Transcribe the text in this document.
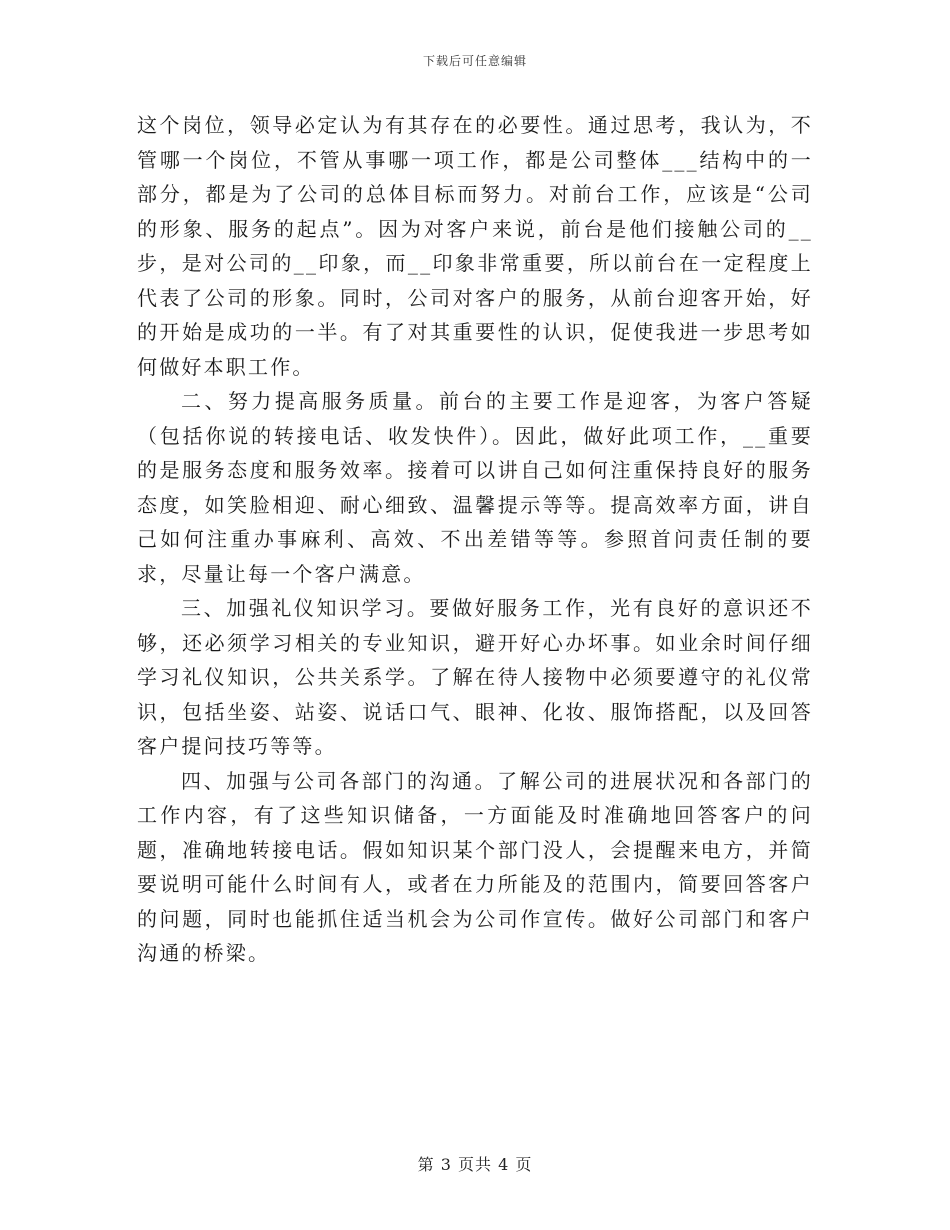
下载后可任意编辑

这个岗位，领导必定认为有其存在的必要性。通过思考，我认为，不管哪一个岗位，不管从事哪一项工作，都是公司整体___结构中的一部分，都是为了公司的总体目标而努力。对前台工作，应该是“公司的形象、服务的起点”。因为对客户来说，前台是他们接触公司的__步，是对公司的__印象，而__印象非常重要，所以前台在一定程度上代表了公司的形象。同时，公司对客户的服务，从前台迎客开始，好的开始是成功的一半。有了对其重要性的认识，促使我进一步思考如何做好本职工作。

二、努力提高服务质量。前台的主要工作是迎客，为客户答疑（包括你说的转接电话、收发快件）。因此，做好此项工作，__重要的是服务态度和服务效率。接着可以讲自己如何注重保持良好的服务态度，如笑脸相迎、耐心细致、温馨提示等等。提高效率方面，讲自己如何注重办事麻利、高效、不出差错等等。参照首问责任制的要求，尽量让每一个客户满意。

三、加强礼仪知识学习。要做好服务工作，光有良好的意识还不够，还必须学习相关的专业知识，避开好心办坏事。如业余时间仔细学习礼仪知识，公共关系学。了解在待人接物中必须要遵守的礼仪常识，包括坐姿、站姿、说话口气、眼神、化妆、服饰搭配，以及回答客户提问技巧等等。

四、加强与公司各部门的沟通。了解公司的进展状况和各部门的工作内容，有了这些知识储备，一方面能及时准确地回答客户的问题，准确地转接电话。假如知识某个部门没人，会提醒来电方，并简要说明可能什么时间有人，或者在力所能及的范围内，简要回答客户的问题，同时也能抓住适当机会为公司作宣传。做好公司部门和客户沟通的桥梁。

第 3 页共 4 页
